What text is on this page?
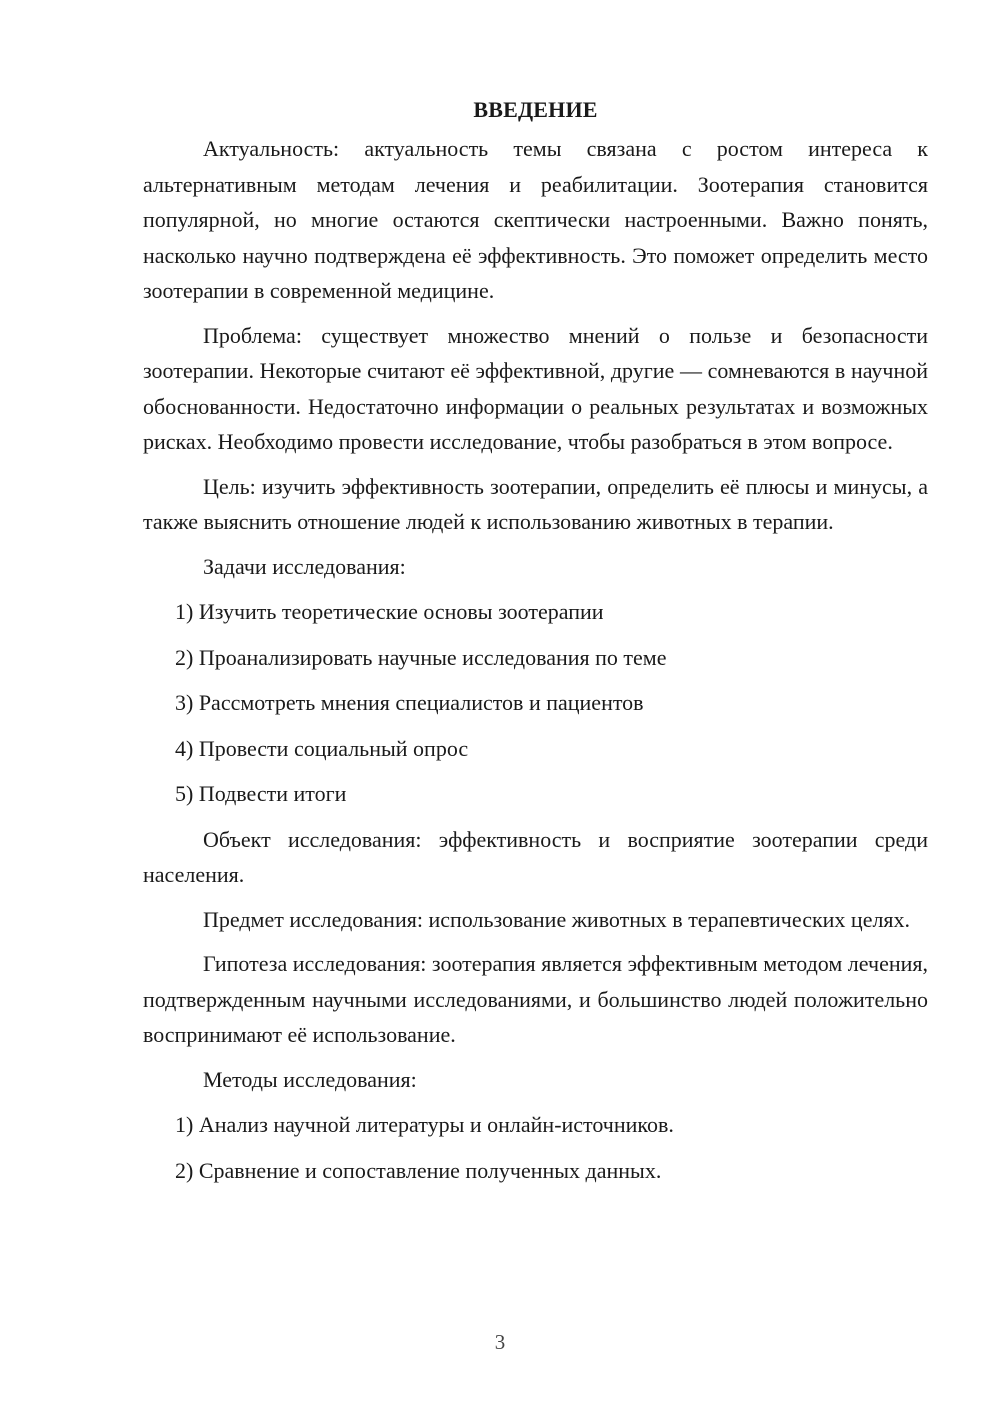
ВВЕДЕНИЕ

Актуальность: актуальность темы связана с ростом интереса к альтернативным методам лечения и реабилитации. Зоотерапия становится популярной, но многие остаются скептически настроенными. Важно понять, насколько научно подтверждена её эффективность. Это поможет определить место зоотерапии в современной медицине.

Проблема: существует множество мнений о пользе и безопасности зоотерапии. Некоторые считают её эффективной, другие — сомневаются в научной обоснованности. Недостаточно информации о реальных результатах и возможных рисках. Необходимо провести исследование, чтобы разобраться в этом вопросе.

Цель: изучить эффективность зоотерапии, определить её плюсы и минусы, а также выяснить отношение людей к использованию животных в терапии.

Задачи исследования:

1) Изучить теоретические основы зоотерапии
2) Проанализировать научные исследования по теме
3) Рассмотреть мнения специалистов и пациентов
4) Провести социальный опрос
5) Подвести итоги

Объект исследования: эффективность и восприятие зоотерапии среди населения.

Предмет исследования: использование животных в терапевтических целях.

Гипотеза исследования: зоотерапия является эффективным методом лечения, подтвержденным научными исследованиями, и большинство людей положительно воспринимают её использование.

Методы исследования:

1) Анализ научной литературы и онлайн-источников.
2) Сравнение и сопоставление полученных данных.
3
